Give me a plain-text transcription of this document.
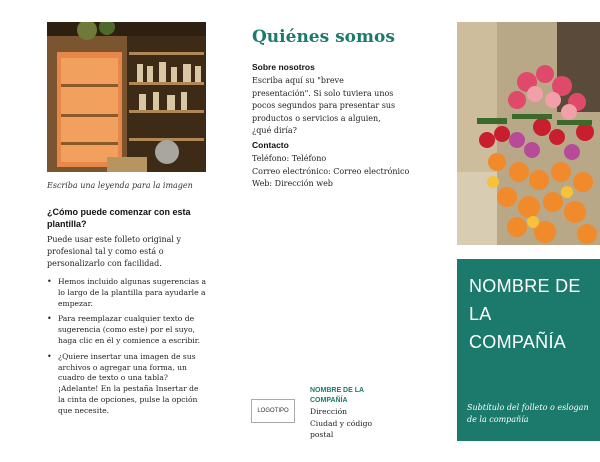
Escriba una leyenda para la imagen
¿Cómo puede comenzar con esta plantilla?
Puede usar este folleto original y profesional tal y como está o personalizarlo con facilidad.
• Hemos incluido algunas sugerencias a lo largo de la plantilla para ayudarle a empezar.
• Para reemplazar cualquier texto de sugerencia (como este) por el suyo, haga clic en él y comience a escribir.
• ¿Quiere insertar una imagen de sus archivos o agregar una forma, un cuadro de texto o una tabla? ¡Adelante! En la pestaña Insertar de la cinta de opciones, pulse la opción que necesite.
Quiénes somos
Sobre nosotros
Escriba aquí su "breve presentación". Si solo tuviera unos pocos segundos para presentar sus productos o servicios a alguien, ¿qué diría?
Contacto
Teléfono: Teléfono
Correo electrónico: Correo electrónico
Web: Dirección web
LOGOTIPO
NOMBRE DE LA COMPAÑÍA
Dirección
Ciudad y código postal
NOMBRE DE
LA
COMPAÑÍA
Subtítulo del folleto o eslogan de la compañía
